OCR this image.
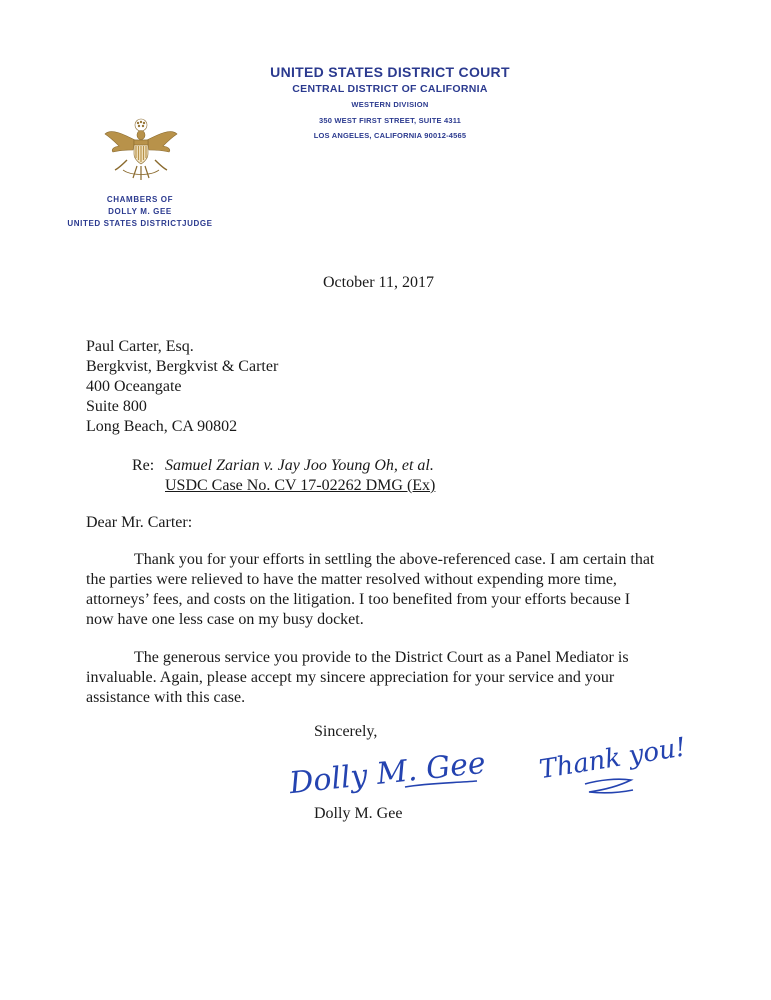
UNITED STATES DISTRICT COURT
CENTRAL DISTRICT OF CALIFORNIA
WESTERN DIVISION
350 WEST FIRST STREET, SUITE 4311
LOS ANGELES, CALIFORNIA 90012-4565
CHAMBERS OF
DOLLY M. GEE
UNITED STATES DISTRICTJUDGE
October 11, 2017
Paul Carter, Esq.
Bergkvist, Bergkvist & Carter
400 Oceangate
Suite 800
Long Beach, CA 90802
Re: Samuel Zarian v. Jay Joo Young Oh, et al.
USDC Case No. CV 17-02262 DMG (Ex)
Dear Mr. Carter:
Thank you for your efforts in settling the above-referenced case. I am certain that
the parties were relieved to have the matter resolved without expending more time,
attorneys’ fees, and costs on the litigation. I too benefited from your efforts because I
now have one less case on my busy docket.
The generous service you provide to the District Court as a Panel Mediator is
invaluable. Again, please accept my sincere appreciation for your service and your
assistance with this case.
Sincerely,
Dolly M. Gee
Dolly M. Gee
Thank you!
